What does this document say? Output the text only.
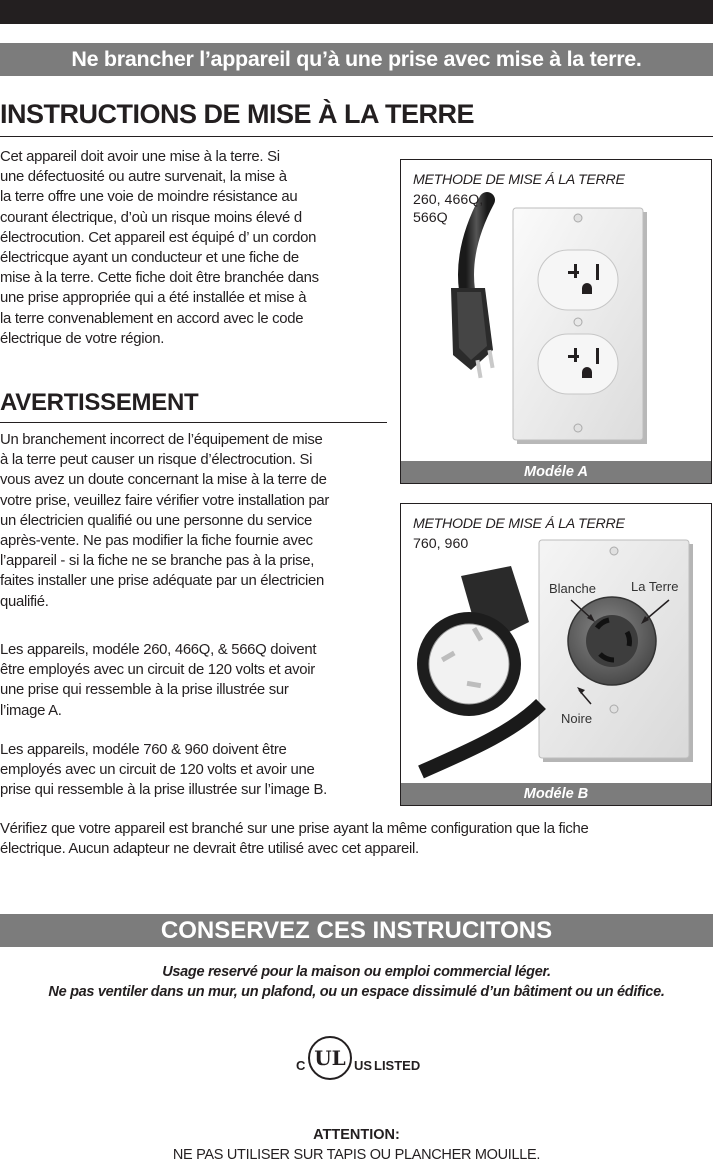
Ne brancher l’appareil qu’à une prise avec mise à la terre.
INSTRUCTIONS DE MISE À LA TERRE
Cet appareil doit avoir une mise à la terre. Si
une défectuosité ou autre survenait, la mise à
la terre offre une voie de moindre résistance au
courant électrique, d’où un risque moins élevé d
électrocution. Cet appareil est équipé d’ un cordon
électricque ayant un conducteur et une fiche de
mise à la terre. Cette fiche doit être branchée dans
une prise appropriée qui a été installée et mise à
la terre convenablement en accord avec le code
électrique de votre région.
AVERTISSEMENT
Un branchement incorrect de l’équipement de mise
à la terre peut causer un risque d’électrocution. Si
vous avez un doute concernant la mise à la terre de
votre prise, veuillez faire vérifier votre installation par
un électricien qualifié ou une personne du service
après-vente. Ne pas modifier la fiche fournie avec
l’appareil - si la fiche ne se branche pas à la prise,
faites installer une prise adéquate par un électricien
qualifié.
Les appareils, modéle 260, 466Q, & 566Q doivent
être employés avec un circuit de 120 volts et avoir
une prise qui ressemble à la prise illustrée sur
l’image A.
Les appareils, modéle 760 & 960 doivent être
employés avec un circuit de 120 volts et avoir une
prise qui ressemble à la prise illustrée sur l’image B.
Vérifiez que votre appareil est branché sur une prise ayant la même configuration que la fiche
électrique. Aucun adapteur ne devrait être utilisé avec cet appareil.
METHODE DE MISE Á LA TERRE
260, 466Q,
566Q
Modéle A
METHODE DE MISE Á LA TERRE
760, 960
Blanche	La Terre
Noire
Modéle B
CONSERVEZ CES INSTRUCITONS
Usage reservé pour la maison ou emploi commercial léger.
Ne pas ventiler dans un mur, un plafond, ou un espace dissimulé d’un bâtiment ou un édifice.
C UL US LISTED
ATTENTION:
NE PAS UTILISER SUR TAPIS OU PLANCHER MOUILLE.
